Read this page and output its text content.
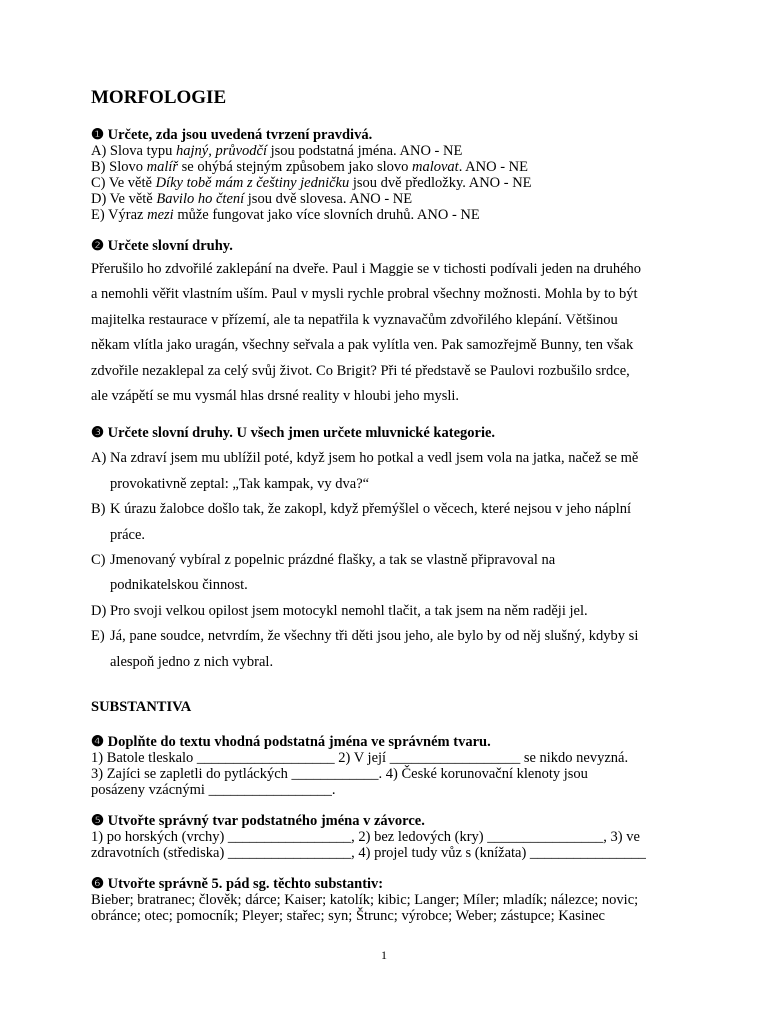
MORFOLOGIE

❶ Určete, zda jsou uvedená tvrzení pravdivá.

A) Slova typu hajný, průvodčí jsou podstatná jména. ANO - NE

B) Slovo malíř se ohýbá stejným způsobem jako slovo malovat. ANO - NE

C) Ve větě Díky tobě mám z češtiny jedničku jsou dvě předložky. ANO - NE

D) Ve větě Bavilo ho čtení jsou dvě slovesa. ANO - NE

E) Výraz mezi může fungovat jako více slovních druhů. ANO - NE

❷ Určete slovní druhy.

Přerušilo ho zdvořilé zaklepání na dveře. Paul i Maggie se v tichosti podívali jeden na druhého

a nemohli věřit vlastním uším. Paul v mysli rychle probral všechny možnosti. Mohla by to být

majitelka restaurace v přízemí, ale ta nepatřila k vyznavačům zdvořilého klepání. Většinou

někam vlítla jako uragán, všechny seřvala a pak vylítla ven. Pak samozřejmě Bunny, ten však

zdvořile nezaklepal za celý svůj život. Co Brigit? Při té představě se Paulovi rozbušilo srdce,

ale vzápětí se mu vysmál hlas drsné reality v hloubi jeho mysli.

❸ Určete slovní druhy. U všech jmen určete mluvnické kategorie.

A) Na zdraví jsem mu ublížil poté, když jsem ho potkal a vedl jsem vola na jatka, načež se mě
provokativně zeptal: „Tak kampak, vy dva?“
B) K úrazu žalobce došlo tak, že zakopl, když přemýšlel o věcech, které nejsou v jeho náplní
práce.
C) Jmenovaný vybíral z popelnic prázdné flašky, a tak se vlastně připravoval na
podnikatelskou činnost.
D) Pro svoji velkou opilost jsem motocykl nemohl tlačit, a tak jsem na něm raději jel.
E) Já, pane soudce, netvrdím, že všechny tři děti jsou jeho, ale bylo by od něj slušný, kdyby si
alespoň jedno z nich vybral.

SUBSTANTIVA

❹ Doplňte do textu vhodná podstatná jména ve správném tvaru.

1) Batole tleskalo ___________________ 2) V její __________________ se nikdo nevyzná.

3) Zajíci se zapletli do pytláckých ____________. 4) České korunovační klenoty jsou

posázeny vzácnými _________________.

❺ Utvořte správný tvar podstatného jména v závorce.

1) po horských (vrchy) _________________, 2) bez ledových (kry) ________________, 3) ve

zdravotních (střediska) _________________, 4) projel tudy vůz s (knížata) ________________

❻ Utvořte správně 5. pád sg. těchto substantiv:

Bieber; bratranec; člověk; dárce; Kaiser; katolík; kibic; Langer; Míler; mladík; nálezce; novic;

obránce; otec; pomocník; Pleyer; stařec; syn; Štrunc; výrobce; Weber; zástupce; Kasinec

1
